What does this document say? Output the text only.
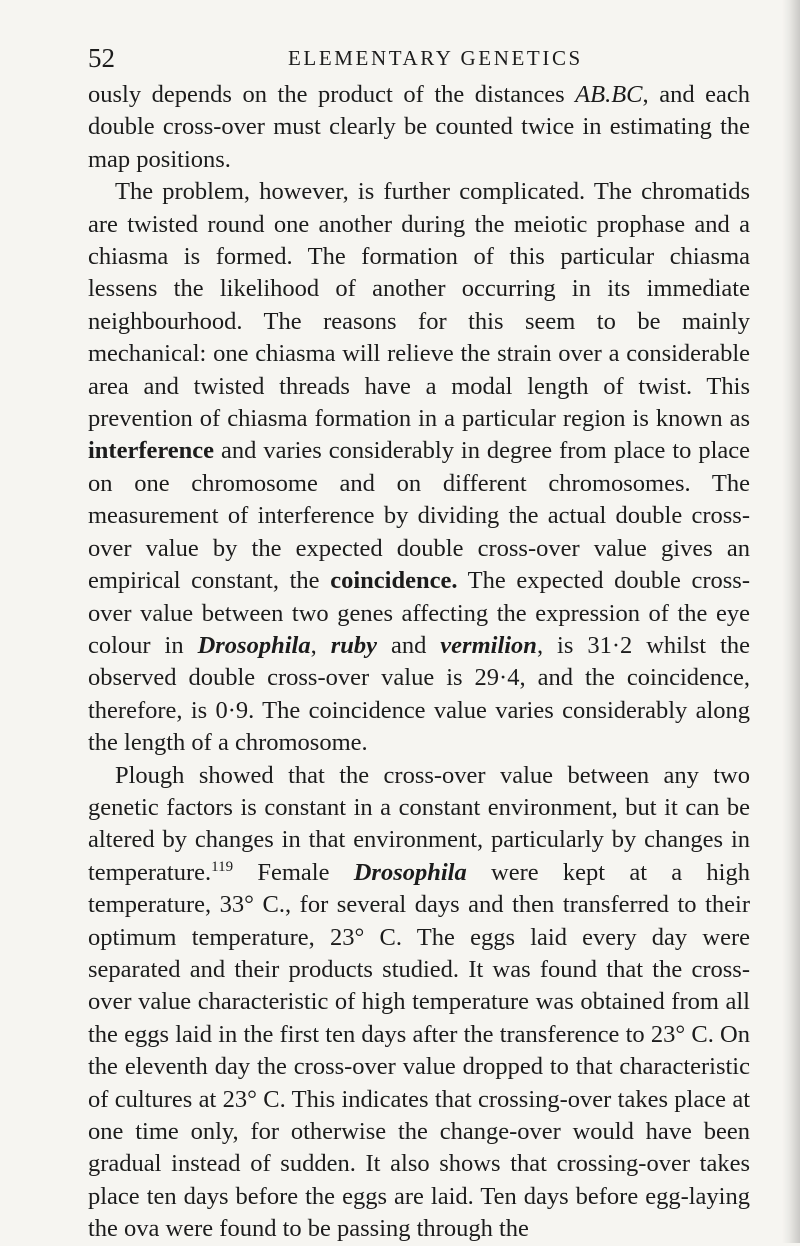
52	ELEMENTARY GENETICS

ously depends on the product of the distances AB.BC, and each double cross-over must clearly be counted twice in estimating the map positions.

The problem, however, is further complicated. The chromatids are twisted round one another during the meiotic prophase and a chiasma is formed. The formation of this particular chiasma lessens the likelihood of another occurring in its immediate neighbourhood. The reasons for this seem to be mainly mechanical: one chiasma will relieve the strain over a considerable area and twisted threads have a modal length of twist. This prevention of chiasma formation in a particular region is known as interference and varies considerably in degree from place to place on one chromosome and on different chromosomes. The measurement of interference by dividing the actual double cross-over value by the expected double cross-over value gives an empirical constant, the coincidence. The expected double cross-over value between two genes affecting the expression of the eye colour in Drosophila, ruby and vermilion, is 31·2 whilst the observed double cross-over value is 29·4, and the coincidence, therefore, is 0·9. The coincidence value varies considerably along the length of a chromosome.

Plough showed that the cross-over value between any two genetic factors is constant in a constant environment, but it can be altered by changes in that environment, particularly by changes in temperature.$^{119}$ Female Drosophila were kept at a high temperature, 33° C., for several days and then transferred to their optimum temperature, 23° C. The eggs laid every day were separated and their products studied. It was found that the cross-over value characteristic of high temperature was obtained from all the eggs laid in the first ten days after the transference to 23° C. On the eleventh day the cross-over value dropped to that characteristic of cultures at 23° C. This indicates that crossing-over takes place at one time only, for otherwise the change-over would have been gradual instead of sudden. It also shows that crossing-over takes place ten days before the eggs are laid. Ten days before egg-laying the ova were found to be passing through the
